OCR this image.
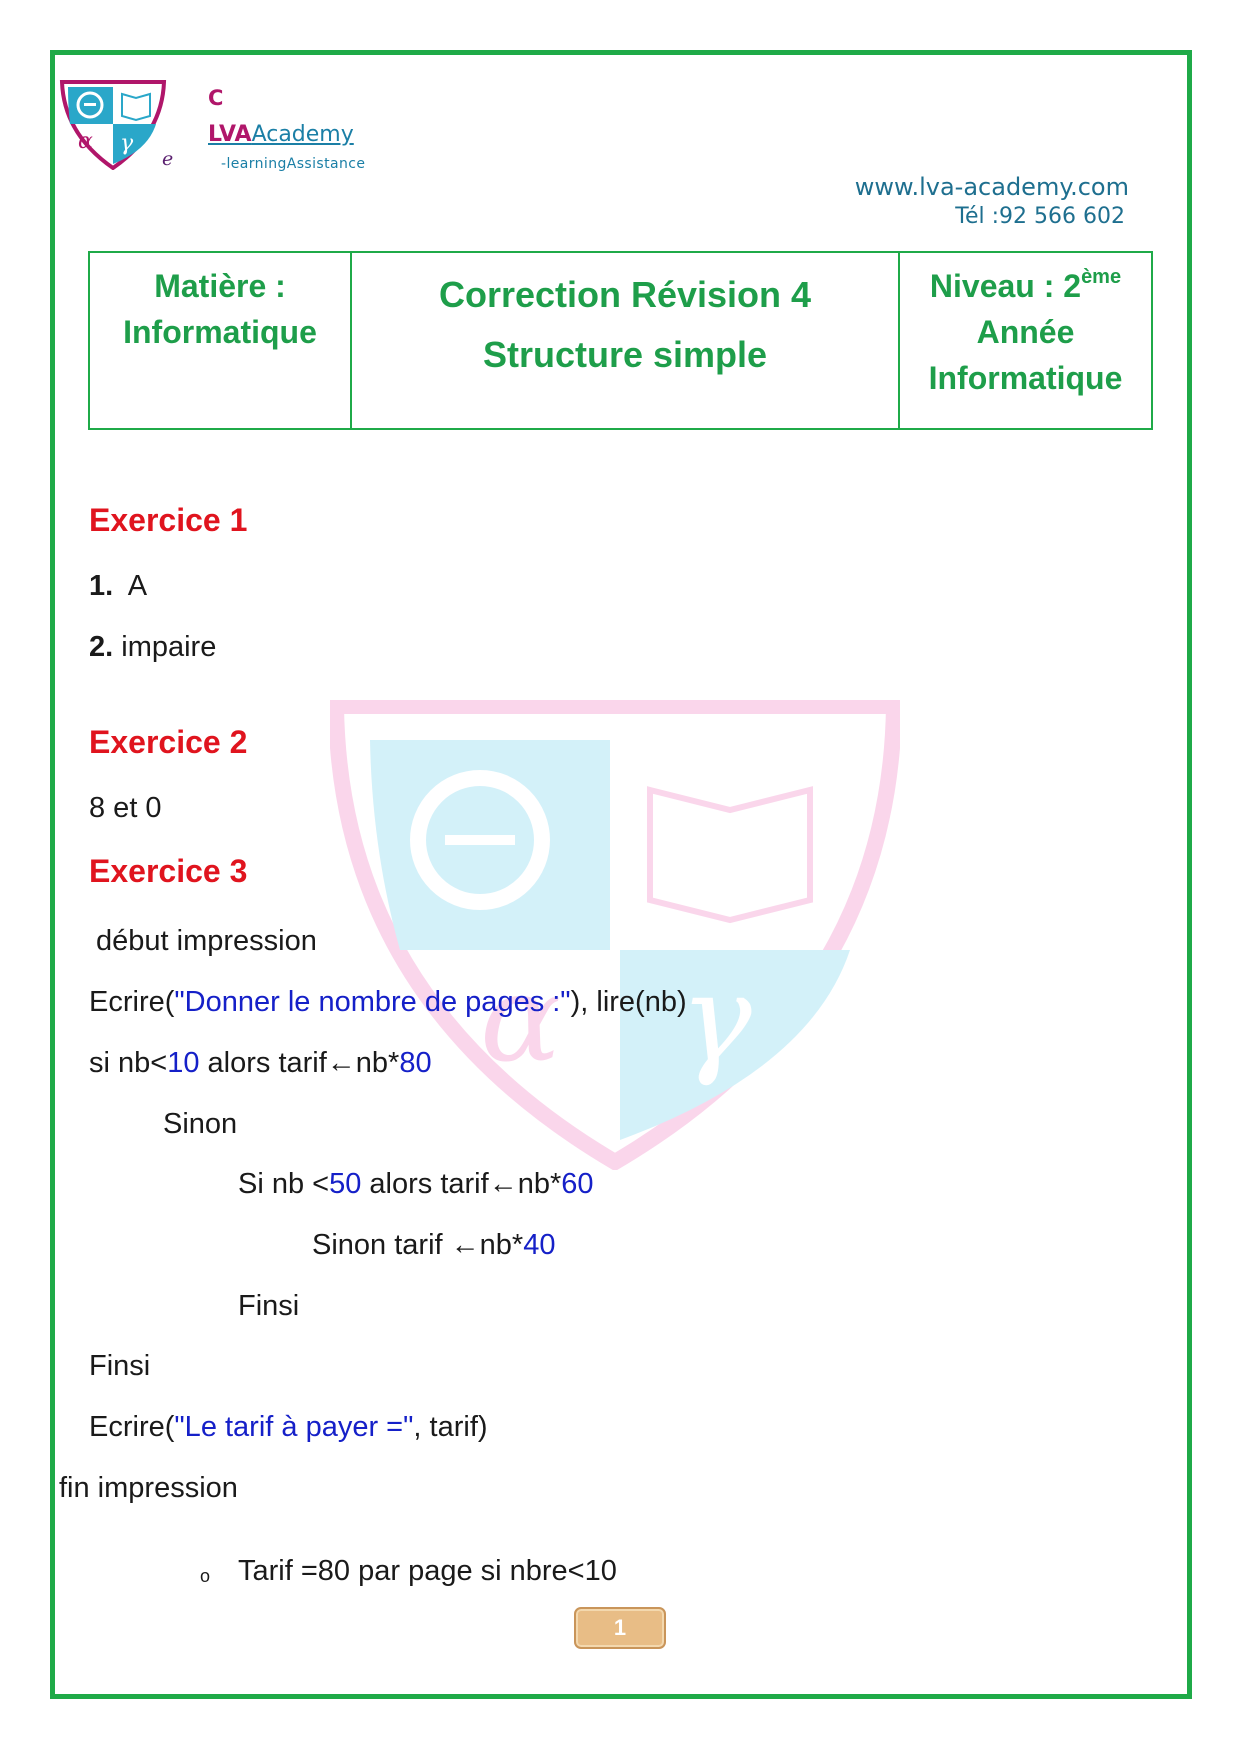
α γ
C
e
LVAAcademy
-learningAssistance
www.lva-academy.com
Tél :92 566 602
Matière :
Informatique
Correction Révision 4
Structure simple
Niveau : 2ème
Année
Informatique
α γ
Exercice 1
1. A
2. impaire
Exercice 2
8 et 0
Exercice 3
début impression
Ecrire("Donner le nombre de pages :"), lire(nb)
si nb<10 alors tarif←nb*80
Sinon
Si nb <50 alors tarif←nb*60
Sinon tarif ←nb*40
Finsi
Finsi
Ecrire("Le tarif à payer =", tarif)
fin impression
o Tarif =80 par page si nbre<10
1
